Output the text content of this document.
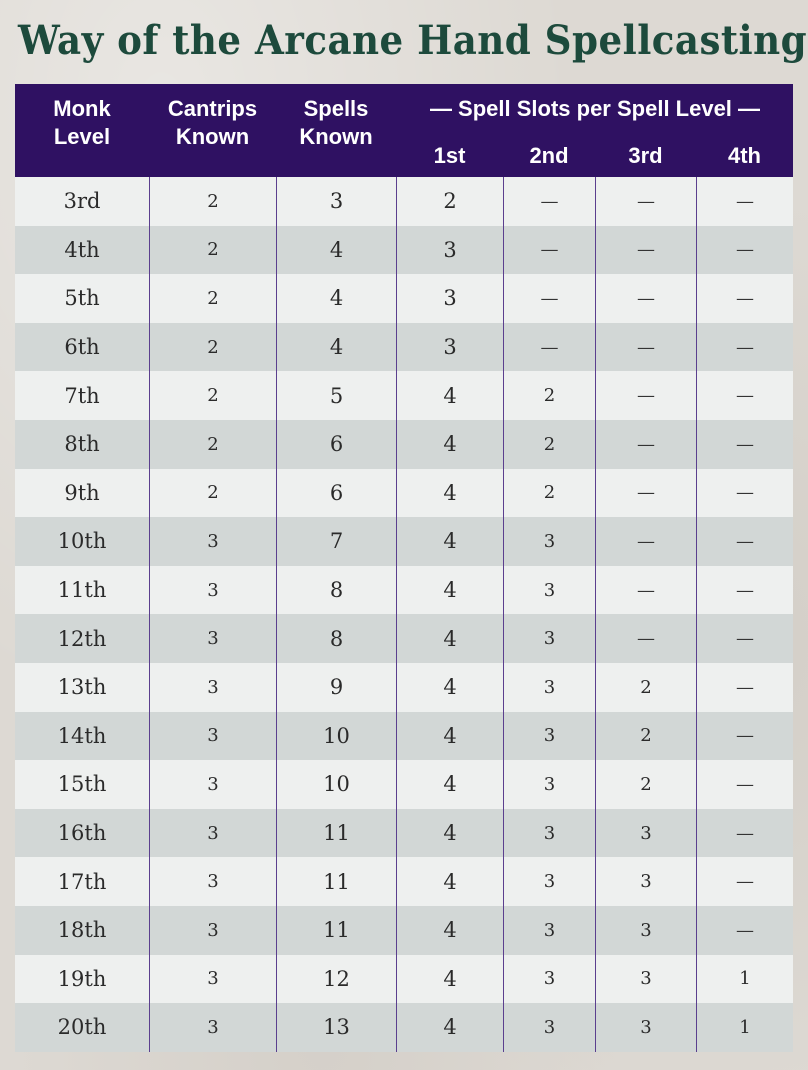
Way of the Arcane Hand Spellcasting
Monk
Level
Cantrips
Known
Spells
Known
— Spell Slots per Spell Level —
1st	2nd	3rd	4th
3rd	2	3	2	—	—	—
4th	2	4	3	—	—	—
5th	2	4	3	—	—	—
6th	2	4	3	—	—	—
7th	2	5	4	2	—	—
8th	2	6	4	2	—	—
9th	2	6	4	2	—	—
10th	3	7	4	3	—	—
11th	3	8	4	3	—	—
12th	3	8	4	3	—	—
13th	3	9	4	3	2	—
14th	3	10	4	3	2	—
15th	3	10	4	3	2	—
16th	3	11	4	3	3	—
17th	3	11	4	3	3	—
18th	3	11	4	3	3	—
19th	3	12	4	3	3	1
20th	3	13	4	3	3	1
